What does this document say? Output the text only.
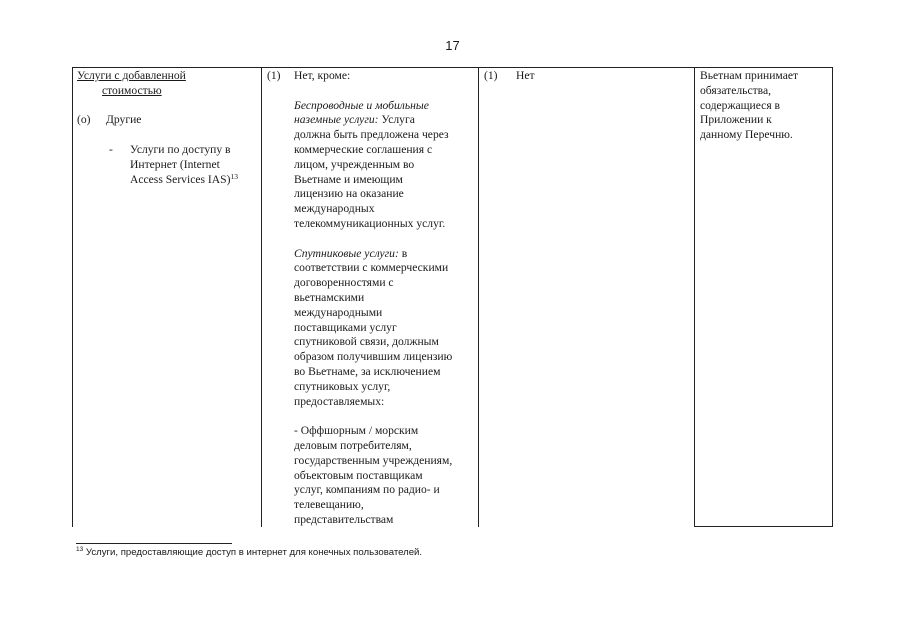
17

Услуги с добавленной

стоимостью

(o) Другие

- Услуги по доступу в

Интернет (Internet

Access Services IAS)$^{13}$

(1) Нет, кроме:

Беспроводные и мобильные

наземные услуги: Услуга

должна быть предложена через

коммерческие соглашения с

лицом, учрежденным во

Вьетнаме и имеющим

лицензию на оказание

международных

телекоммуникационных услуг.

Спутниковые услуги: в

соответствии с коммерческими

договоренностями с

вьетнамскими

международными

поставщиками услуг

спутниковой связи, должным

образом получившим лицензию

во Вьетнаме, за исключением

спутниковых услуг,

предоставляемых:

- Оффшорным / морским

деловым потребителям,

государственным учреждениям,

объектовым поставщикам

услуг, компаниям по радио- и

телевещанию,

представительствам

(1) Нет	Вьетнам принимает

обязательства,

содержащиеся в

Приложении к

данному Перечню.

$^{13}$ Услуги, предоставляющие доступ в интернет для конечных пользователей.
